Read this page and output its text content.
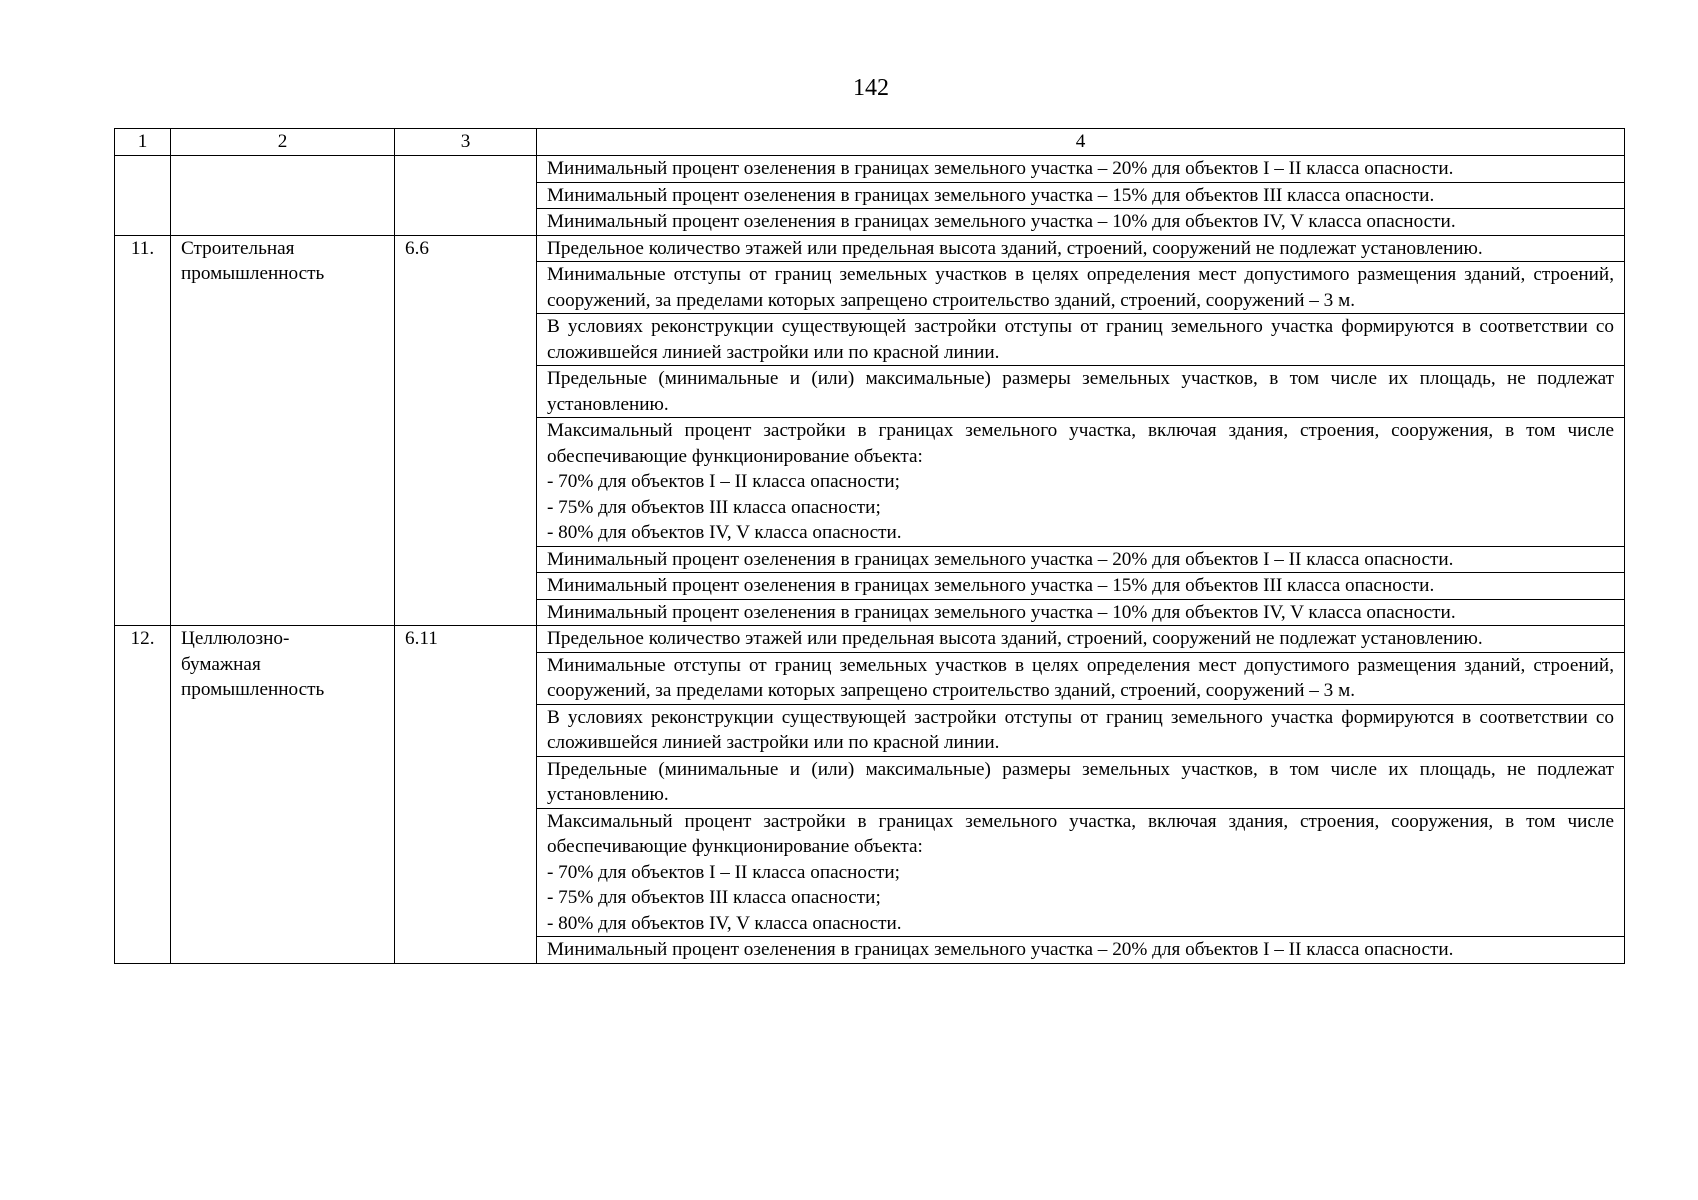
142
1	2	3	4
			Минимальный процент озеленения в границах земельного участка – 20% для объектов I – II класса опасности.
			Минимальный процент озеленения в границах земельного участка – 15% для объектов III класса опасности.
			Минимальный процент озеленения в границах земельного участка – 10% для объектов IV, V класса опасности.
11.	Строительная промышленность	6.6	Предельное количество этажей или предельная высота зданий, строений, сооружений не подлежат установлению.
			Минимальные отступы от границ земельных участков в целях определения мест допустимого размещения зданий, строений, сооружений, за пределами которых запрещено строительство зданий, строений, сооружений – 3 м.
			В условиях реконструкции существующей застройки отступы от границ земельного участка формируются в соответствии со сложившейся линией застройки или по красной линии.
			Предельные (минимальные и (или) максимальные) размеры земельных участков, в том числе их площадь, не подлежат установлению.

			Максимальный процент застройки в границах земельного участка, включая здания, строения, сооружения, в том числе обеспечивающие функционирование объекта:
- 70% для объектов I – II класса опасности;
- 75% для объектов III класса опасности;
- 80% для объектов IV, V класса опасности.

			Минимальный процент озеленения в границах земельного участка – 20% для объектов I – II класса опасности.
			Минимальный процент озеленения в границах земельного участка – 15% для объектов III класса опасности.
			Минимальный процент озеленения в границах земельного участка – 10% для объектов IV, V класса опасности.
12.	Целлюлозно-
бумажная
промышленность	6.11	Предельное количество этажей или предельная высота зданий, строений, сооружений не подлежат установлению.
			Минимальные отступы от границ земельных участков в целях определения мест допустимого размещения зданий, строений, сооружений, за пределами которых запрещено строительство зданий, строений, сооружений – 3 м.
			В условиях реконструкции существующей застройки отступы от границ земельного участка формируются в соответствии со сложившейся линией застройки или по красной линии.
			Предельные (минимальные и (или) максимальные) размеры земельных участков, в том числе их площадь, не подлежат установлению.

			Максимальный процент застройки в границах земельного участка, включая здания, строения, сооружения, в том числе обеспечивающие функционирование объекта:
- 70% для объектов I – II класса опасности;
- 75% для объектов III класса опасности;
- 80% для объектов IV, V класса опасности.

			Минимальный процент озеленения в границах земельного участка – 20% для объектов I – II класса опасности.
